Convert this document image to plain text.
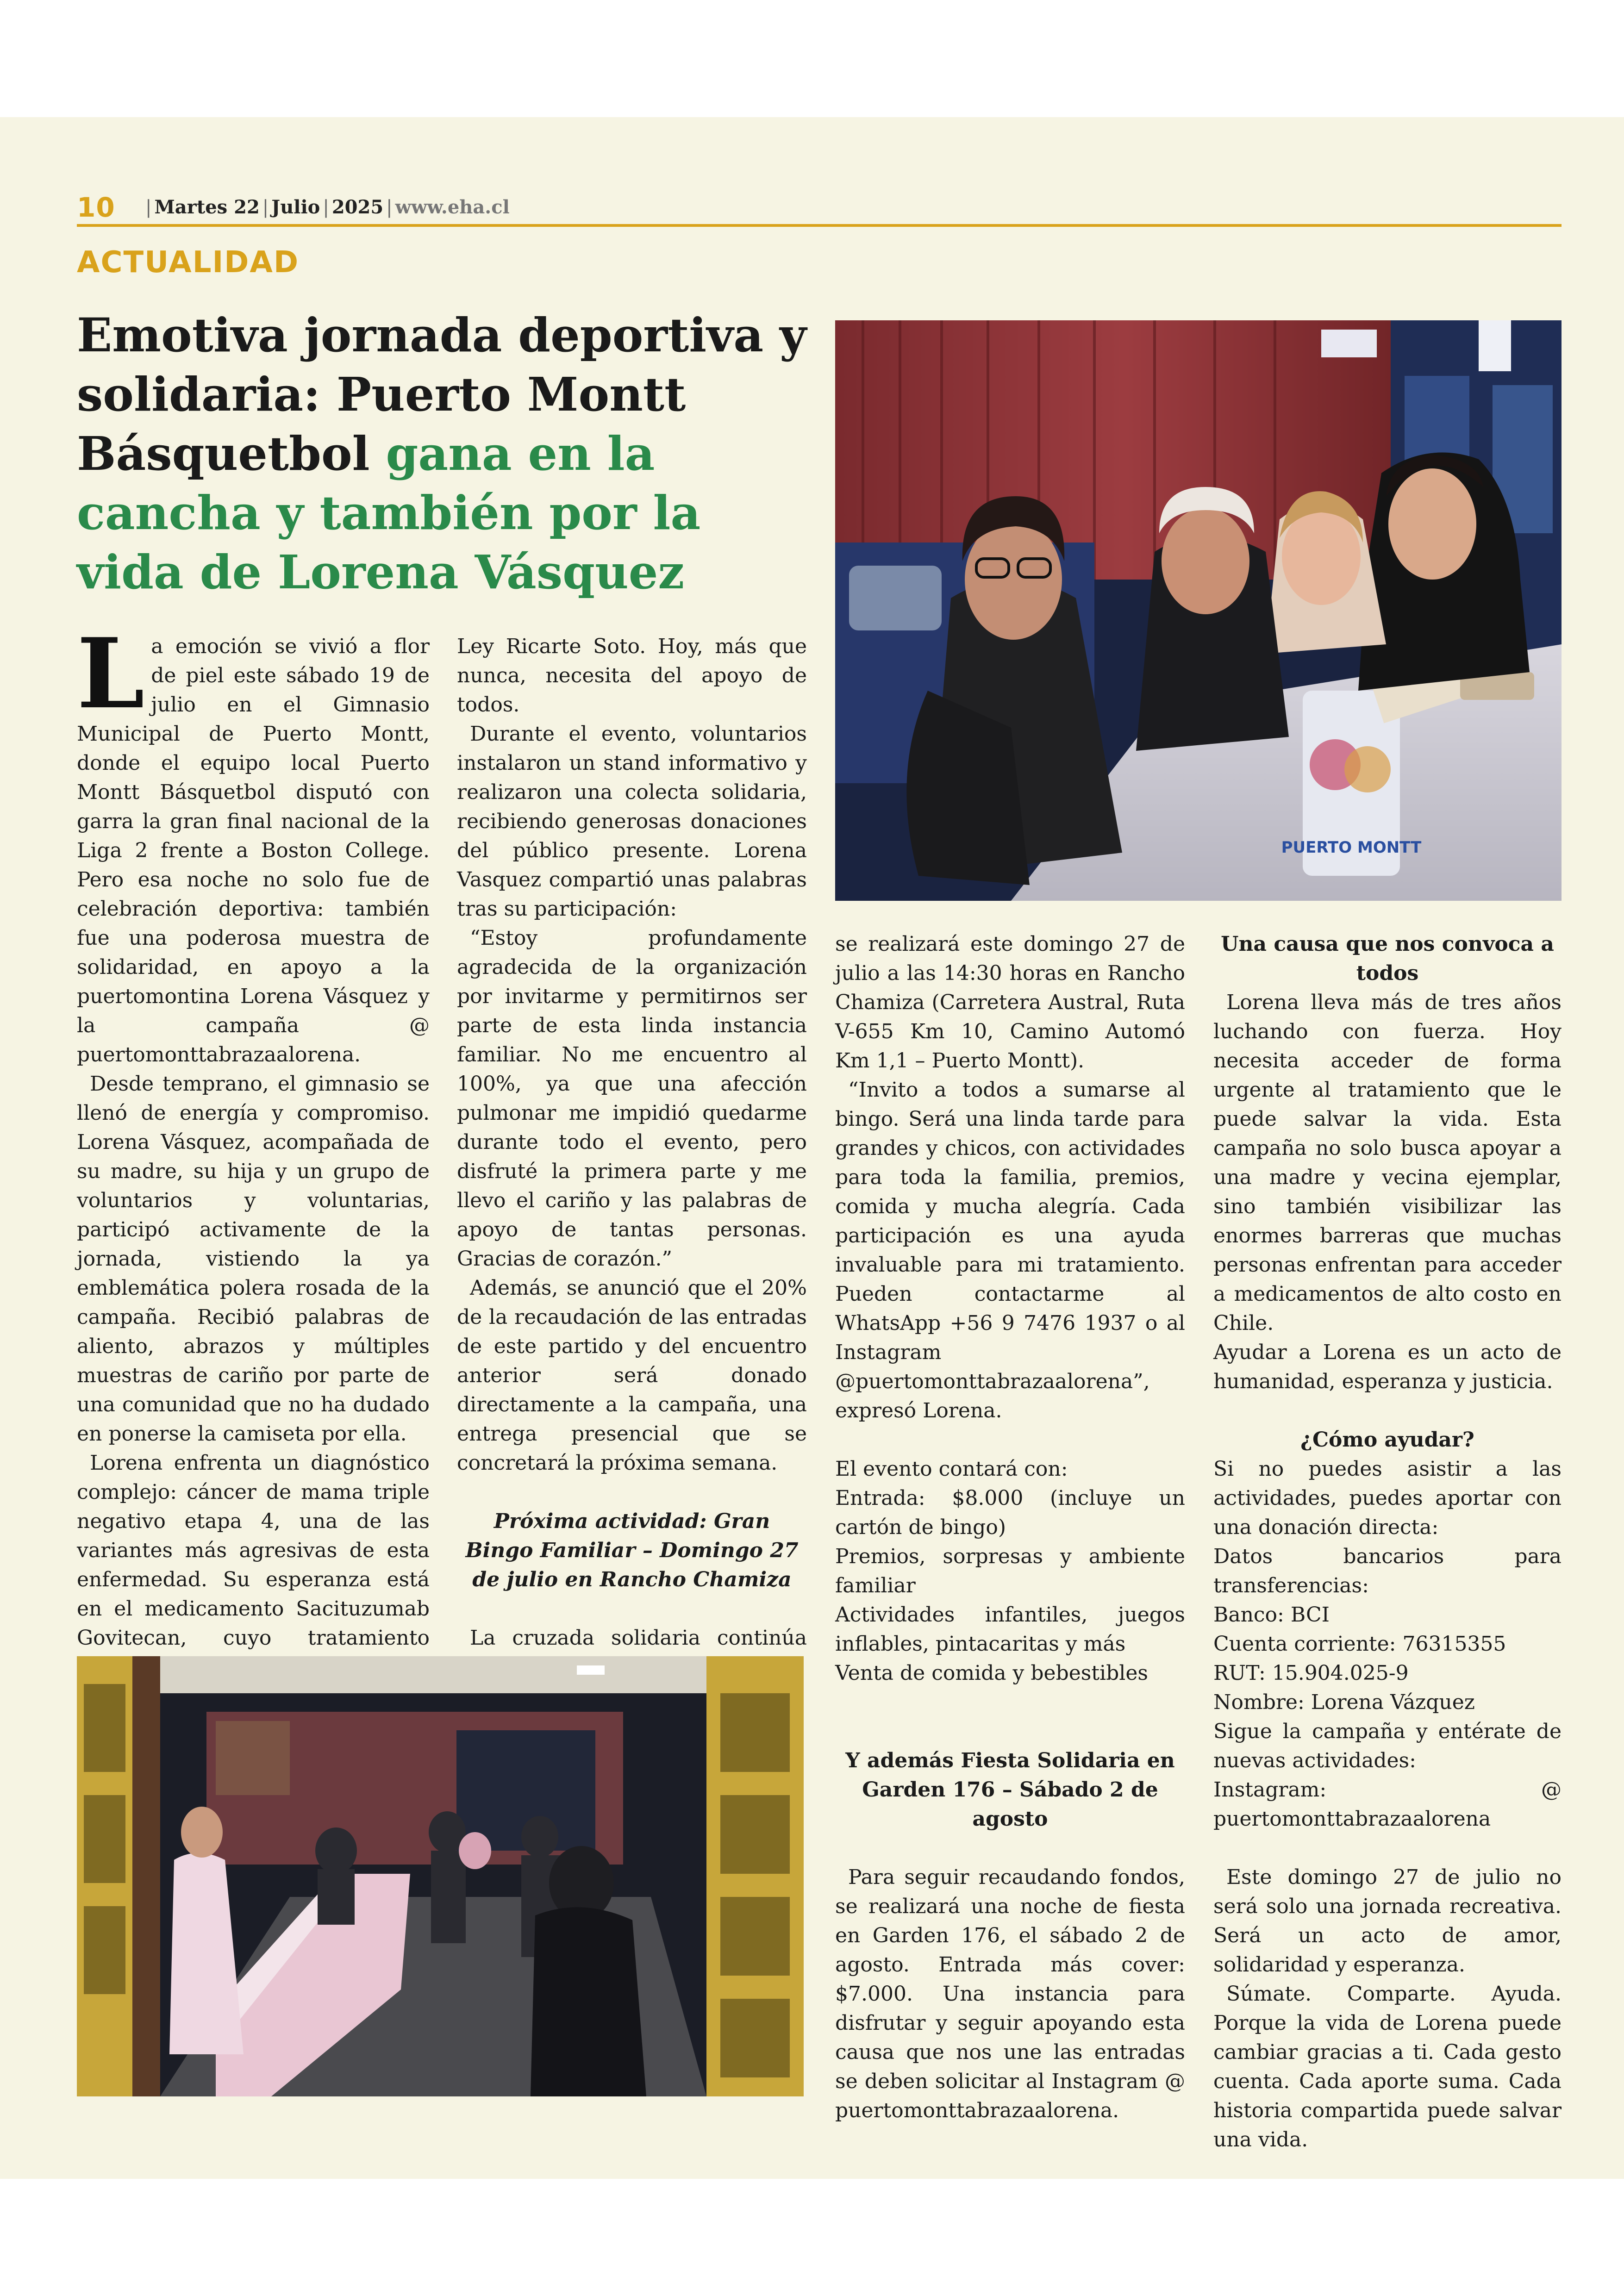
10 | Martes 22 | Julio | 2025 | www.eha.cl
ACTUALIDAD
Emotiva jornada deportiva y solidaria: Puerto Montt Básquetbol gana en la cancha y también por la vida de Lorena Vásquez
PUERTO MONTT
L a emoción se vivió a flor de piel este sábado 19 de julio en el Gimnasio Municipal de Puerto Montt, donde el equipo local Puerto Montt Básquetbol disputó con garra la gran final nacional de la Liga 2 frente a Boston College. Pero esa noche no solo fue de celebración deportiva: también fue una poderosa muestra de solidaridad, en apoyo a la puertomontina Lorena Vásquez y la campaña @ puertomonttabrazaalorena.

Desde temprano, el gimnasio se llenó de energía y compromiso. Lorena Vásquez, acompañada de su madre, su hija y un grupo de voluntarios y voluntarias, participó activamente de la jornada, vistiendo la ya emblemática polera rosada de la campaña. Recibió palabras de aliento, abrazos y múltiples muestras de cariño por parte de una comunidad que no ha dudado en ponerse la camiseta por ella.

Lorena enfrenta un diagnóstico complejo: cáncer de mama triple negativo etapa 4, una de las variantes más agresivas de esta enfermedad. Su esperanza está en el medicamento Sacituzumab Govitecan, cuyo tratamiento

Ley Ricarte Soto. Hoy, más que nunca, necesita del apoyo de todos.

Durante el evento, voluntarios instalaron un stand informativo y realizaron una colecta solidaria, recibiendo generosas donaciones del público presente. Lorena Vasquez compartió unas palabras tras su participación:

“Estoy profundamente agradecida de la organización por invitarme y permitirnos ser parte de esta linda instancia familiar. No me encuentro al 100%, ya que una afección pulmonar me impidió quedarme durante todo el evento, pero disfruté la primera parte y me llevo el cariño y las palabras de apoyo de tantas personas. Gracias de corazón.”

Además, se anunció que el 20% de la recaudación de las entradas de este partido y del encuentro anterior será donado directamente a la campaña, una entrega presencial que se concretará la próxima semana.

Próxima actividad: Gran Bingo Familiar – Domingo 27 de julio en Rancho Chamiza

La cruzada solidaria continúa

se realizará este domingo 27 de julio a las 14:30 horas en Rancho Chamiza (Carretera Austral, Ruta V-655 Km 10, Camino Automó Km 1,1 – Puerto Montt).

“Invito a todos a sumarse al bingo. Será una linda tarde para grandes y chicos, con actividades para toda la familia, premios, comida y mucha alegría. Cada participación es una ayuda invaluable para mi tratamiento. Pueden contactarme al WhatsApp +56 9 7476 1937 o al Instagram @puertomonttabrazaalorena”, expresó Lorena.

El evento contará con:

Entrada: $8.000 (incluye un cartón de bingo)

Premios, sorpresas y ambiente familiar

Actividades infantiles, juegos inflables, pintacaritas y más

Venta de comida y bebestibles

Y además Fiesta Solidaria en Garden 176 – Sábado 2 de agosto

Para seguir recaudando fondos, se realizará una noche de fiesta en Garden 176, el sábado 2 de agosto. Entrada más cover: $7.000. Una instancia para disfrutar y seguir apoyando esta causa que nos une las entradas se deben solicitar al Instagram @ puertomonttabrazaalorena.

Una causa que nos convoca a todos

Lorena lleva más de tres años luchando con fuerza. Hoy necesita acceder de forma urgente al tratamiento que le puede salvar la vida. Esta campaña no solo busca apoyar a una madre y vecina ejemplar, sino también visibilizar las enormes barreras que muchas personas enfrentan para acceder a medicamentos de alto costo en Chile.

Ayudar a Lorena es un acto de humanidad, esperanza y justicia.

¿Cómo ayudar?

Si no puedes asistir a las actividades, puedes aportar con una donación directa:

Datos bancarios para transferencias:

Banco: BCI

Cuenta corriente: 76315355

RUT: 15.904.025-9

Nombre: Lorena Vázquez

Sigue la campaña y entérate de nuevas actividades:

Instagram: @ puertomonttabrazaalorena

Este domingo 27 de julio no será solo una jornada recreativa. Será un acto de amor, solidaridad y esperanza.

Súmate. Comparte. Ayuda. Porque la vida de Lorena puede cambiar gracias a ti. Cada gesto cuenta. Cada aporte suma. Cada historia compartida puede salvar una vida.
